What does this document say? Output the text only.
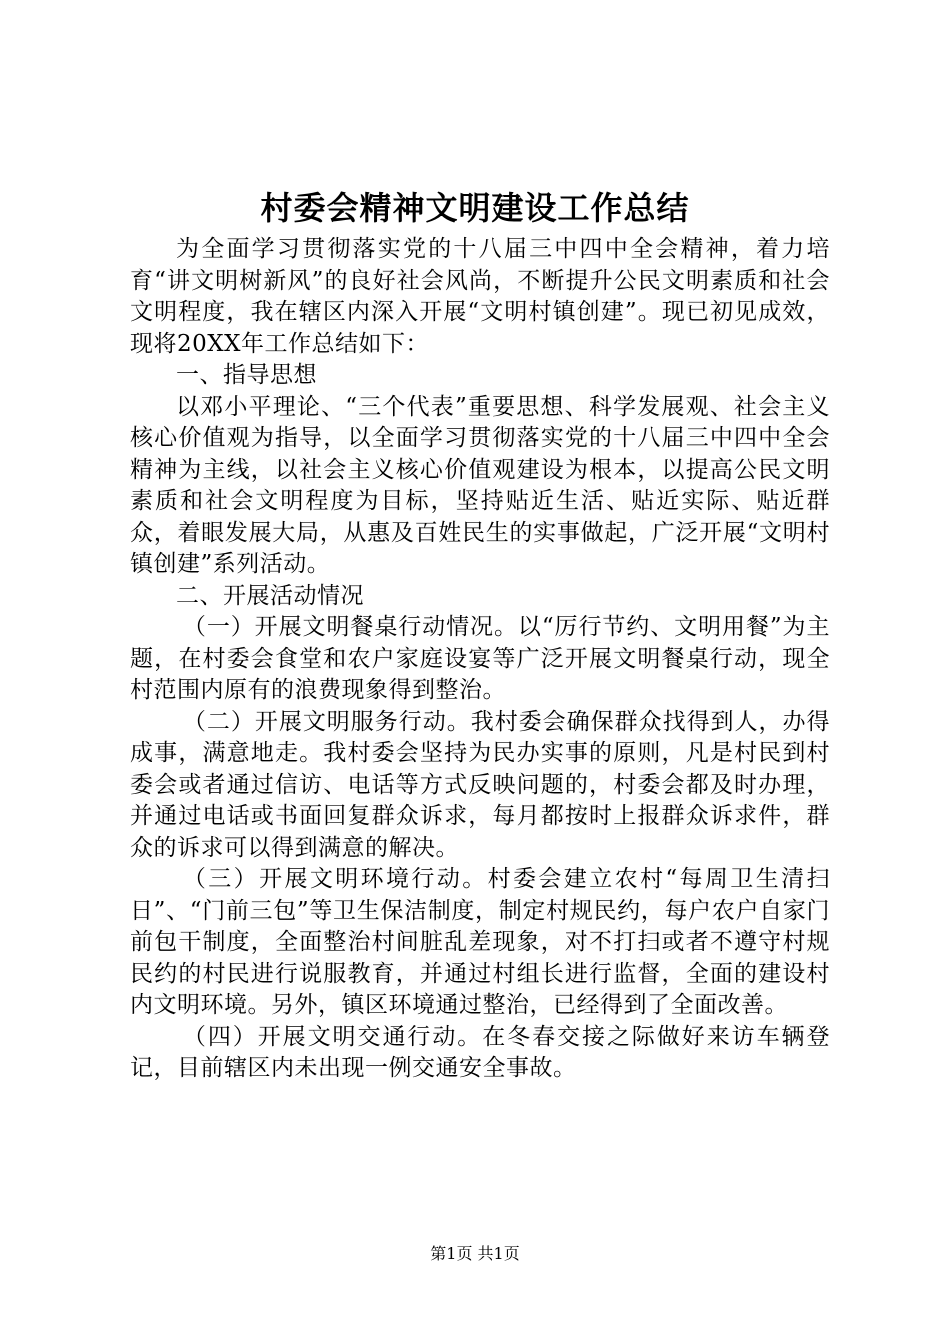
村委会精神文明建设工作总结

为全面学习贯彻落实党的十八届三中四中全会精神，着力培育“讲文明树新风”的良好社会风尚，不断提升公民文明素质和社会文明程度，我在辖区内深入开展“文明村镇创建”。现已初见成效，现将20XX年工作总结如下：

一、指导思想

以邓小平理论、“三个代表”重要思想、科学发展观、社会主义核心价值观为指导，以全面学习贯彻落实党的十八届三中四中全会精神为主线，以社会主义核心价值观建设为根本，以提高公民文明素质和社会文明程度为目标，坚持贴近生活、贴近实际、贴近群众，着眼发展大局，从惠及百姓民生的实事做起，广泛开展“文明村镇创建”系列活动。

二、开展活动情况

（一）开展文明餐桌行动情况。以“厉行节约、文明用餐”为主题，在村委会食堂和农户家庭设宴等广泛开展文明餐桌行动，现全村范围内原有的浪费现象得到整治。

（二）开展文明服务行动。我村委会确保群众找得到人，办得成事，满意地走。我村委会坚持为民办实事的原则，凡是村民到村委会或者通过信访、电话等方式反映问题的，村委会都及时办理，并通过电话或书面回复群众诉求，每月都按时上报群众诉求件，群众的诉求可以得到满意的解决。

（三）开展文明环境行动。村委会建立农村“每周卫生清扫日”、“门前三包”等卫生保洁制度，制定村规民约，每户农户自家门前包干制度，全面整治村间脏乱差现象，对不打扫或者不遵守村规民约的村民进行说服教育，并通过村组长进行监督，全面的建设村内文明环境。另外，镇区环境通过整治，已经得到了全面改善。

（四）开展文明交通行动。在冬春交接之际做好来访车辆登记，目前辖区内未出现一例交通安全事故。

第1页 共1页
